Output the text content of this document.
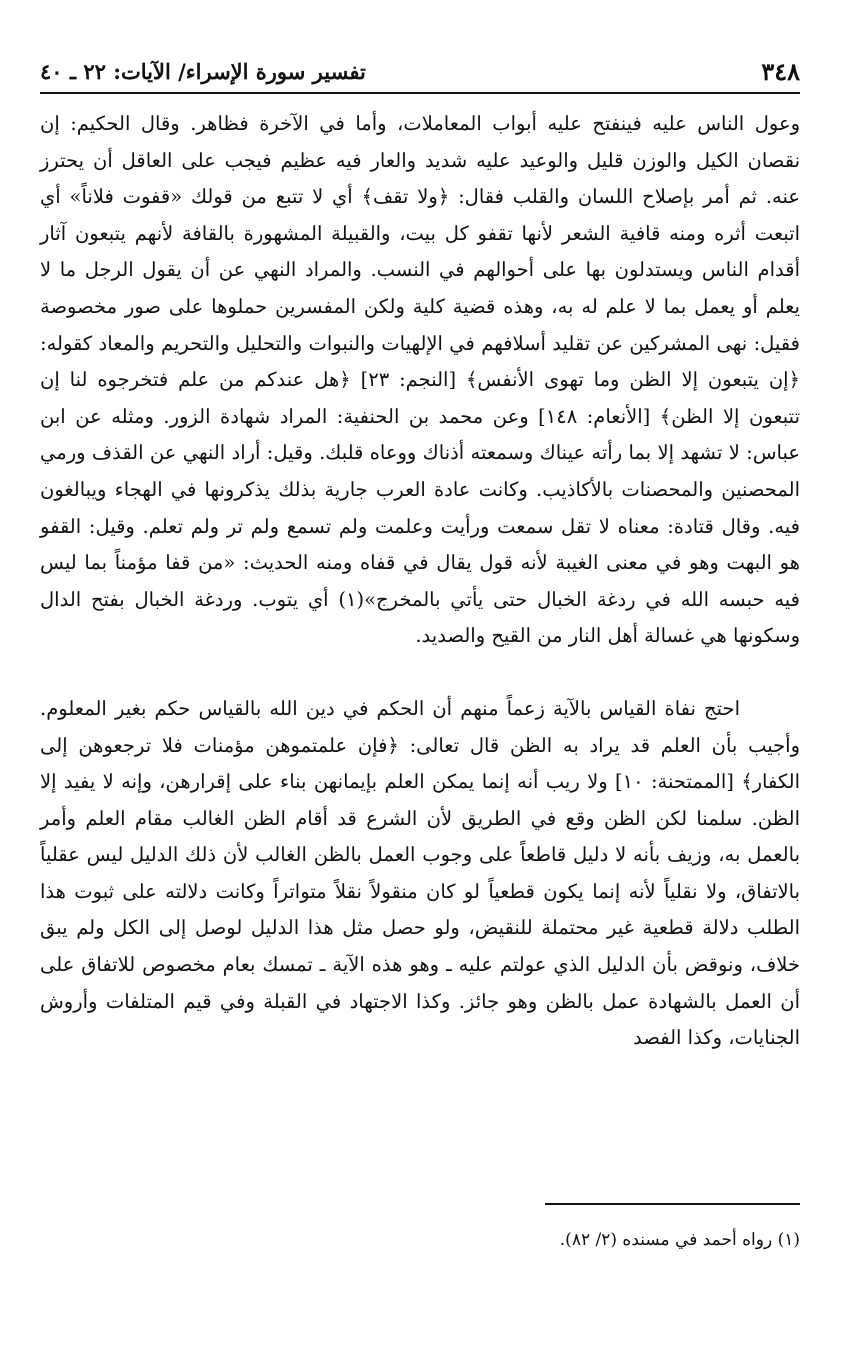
٣٤٨
تفسير سورة الإسراء/ الآيات: ٢٢ ـ ٤٠

وعول الناس عليه فينفتح عليه أبواب المعاملات، وأما في الآخرة فظاهر. وقال الحكيم: إن نقصان الكيل والوزن قليل والوعيد عليه شديد والعار فيه عظيم فيجب على العاقل أن يحترز عنه. ثم أمر بإصلاح اللسان والقلب فقال: ﴿ولا تقف﴾ أي لا تتبع من قولك «قفوت فلاناً» أي اتبعت أثره ومنه قافية الشعر لأنها تقفو كل بيت، والقبيلة المشهورة بالقافة لأنهم يتبعون آثار أقدام الناس ويستدلون بها على أحوالهم في النسب. والمراد النهي عن أن يقول الرجل ما لا يعلم أو يعمل بما لا علم له به، وهذه قضية كلية ولكن المفسرين حملوها على صور مخصوصة فقيل: نهى المشركين عن تقليد أسلافهم في الإلهيات والنبوات والتحليل والتحريم والمعاد كقوله: ﴿إن يتبعون إلا الظن وما تهوى الأنفس﴾ [النجم: ٢٣] ﴿هل عندكم من علم فتخرجوه لنا إن تتبعون إلا الظن﴾ [الأنعام: ١٤٨] وعن محمد بن الحنفية: المراد شهادة الزور. ومثله عن ابن عباس: لا تشهد إلا بما رأته عيناك وسمعته أذناك ووعاه قلبك. وقيل: أراد النهي عن القذف ورمي المحصنين والمحصنات بالأكاذيب. وكانت عادة العرب جارية بذلك يذكرونها في الهجاء ويبالغون فيه. وقال قتادة: معناه لا تقل سمعت ورأيت وعلمت ولم تسمع ولم تر ولم تعلم. وقيل: القفو هو البهت وهو في معنى الغيبة لأنه قول يقال في قفاه ومنه الحديث: «من قفا مؤمناً بما ليس فيه حبسه الله في ردغة الخبال حتى يأتي بالمخرج»(١) أي يتوب. وردغة الخبال بفتح الدال وسكونها هي غسالة أهل النار من القيح والصديد.

احتج نفاة القياس بالآية زعماً منهم أن الحكم في دين الله بالقياس حكم بغير المعلوم. وأجيب بأن العلم قد يراد به الظن قال تعالى: ﴿فإن علمتموهن مؤمنات فلا ترجعوهن إلى الكفار﴾ [الممتحنة: ١٠] ولا ريب أنه إنما يمكن العلم بإيمانهن بناء على إقرارهن، وإنه لا يفيد إلا الظن. سلمنا لكن الظن وقع في الطريق لأن الشرع قد أقام الظن الغالب مقام العلم وأمر بالعمل به، وزيف بأنه لا دليل قاطعاً على وجوب العمل بالظن الغالب لأن ذلك الدليل ليس عقلياً بالاتفاق، ولا نقلياً لأنه إنما يكون قطعياً لو كان منقولاً نقلاً متواتراً وكانت دلالته على ثبوت هذا الطلب دلالة قطعية غير محتملة للنقيض، ولو حصل مثل هذا الدليل لوصل إلى الكل ولم يبق خلاف، ونوقض بأن الدليل الذي عولتم عليه ـ وهو هذه الآية ـ تمسك بعام مخصوص للاتفاق على أن العمل بالشهادة عمل بالظن وهو جائز. وكذا الاجتهاد في القبلة وفي قيم المتلفات وأروش الجنايات، وكذا الفصد

(١) رواه أحمد في مسنده (٢/ ٨٢).
